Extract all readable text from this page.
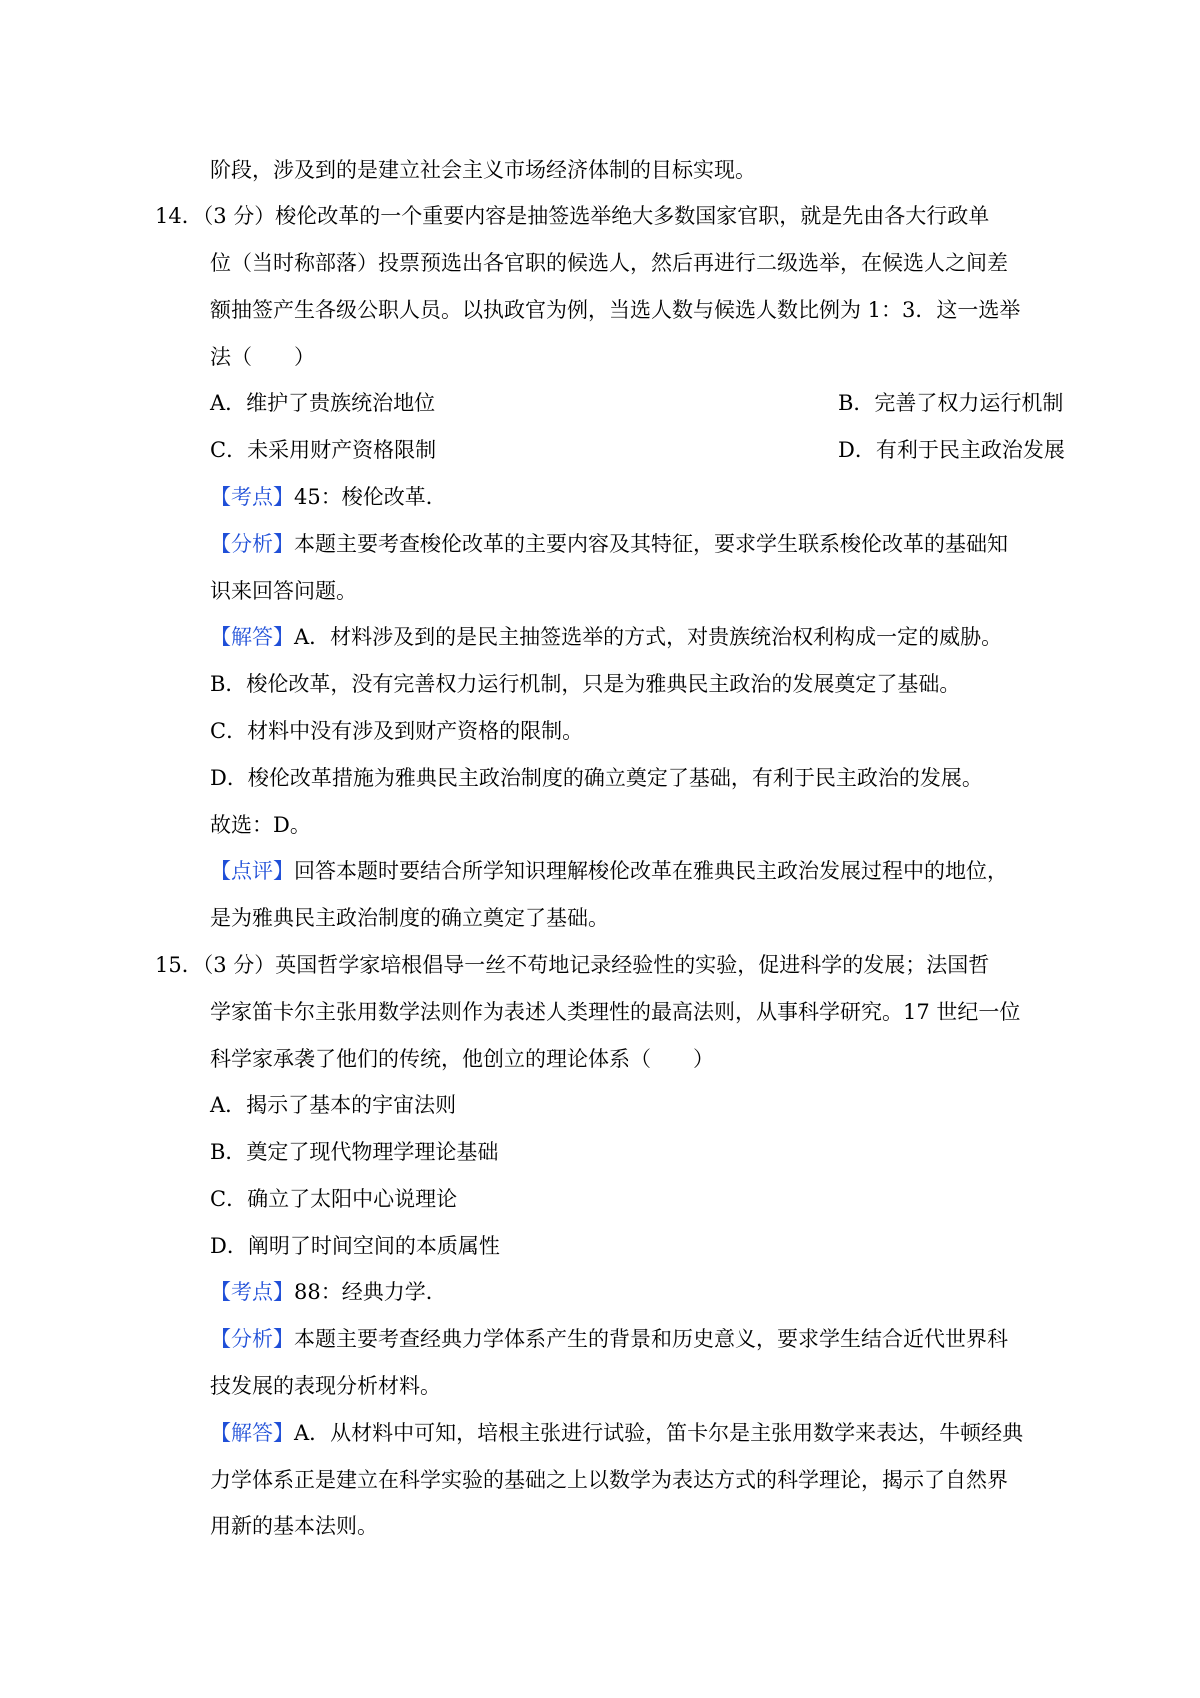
阶段，涉及到的是建立社会主义市场经济体制的目标实现。
14．（3 分）梭伦改革的一个重要内容是抽签选举绝大多数国家官职，就是先由各大行政单
位（当时称部落）投票预选出各官职的候选人，然后再进行二级选举，在候选人之间差
额抽签产生各级公职人员。以执政官为例，当选人数与候选人数比例为 1：3．这一选举
法（　　）
A．维护了贵族统治地位	B．完善了权力运行机制
C．未采用财产资格限制	D．有利于民主政治发展
【考点】45：梭伦改革．
【分析】本题主要考查梭伦改革的主要内容及其特征，要求学生联系梭伦改革的基础知
识来回答问题。
【解答】A．材料涉及到的是民主抽签选举的方式，对贵族统治权利构成一定的威胁。
B．梭伦改革，没有完善权力运行机制，只是为雅典民主政治的发展奠定了基础。
C．材料中没有涉及到财产资格的限制。
D．梭伦改革措施为雅典民主政治制度的确立奠定了基础，有利于民主政治的发展。
故选：D。
【点评】回答本题时要结合所学知识理解梭伦改革在雅典民主政治发展过程中的地位，
是为雅典民主政治制度的确立奠定了基础。
15．（3 分）英国哲学家培根倡导一丝不苟地记录经验性的实验，促进科学的发展；法国哲
学家笛卡尔主张用数学法则作为表述人类理性的最高法则，从事科学研究。17 世纪一位
科学家承袭了他们的传统，他创立的理论体系（　　）
A．揭示了基本的宇宙法则
B．奠定了现代物理学理论基础
C．确立了太阳中心说理论
D．阐明了时间空间的本质属性
【考点】88：经典力学．
【分析】本题主要考查经典力学体系产生的背景和历史意义，要求学生结合近代世界科
技发展的表现分析材料。
【解答】A．从材料中可知，培根主张进行试验，笛卡尔是主张用数学来表达，牛顿经典
力学体系正是建立在科学实验的基础之上以数学为表达方式的科学理论，揭示了自然界
用新的基本法则。
